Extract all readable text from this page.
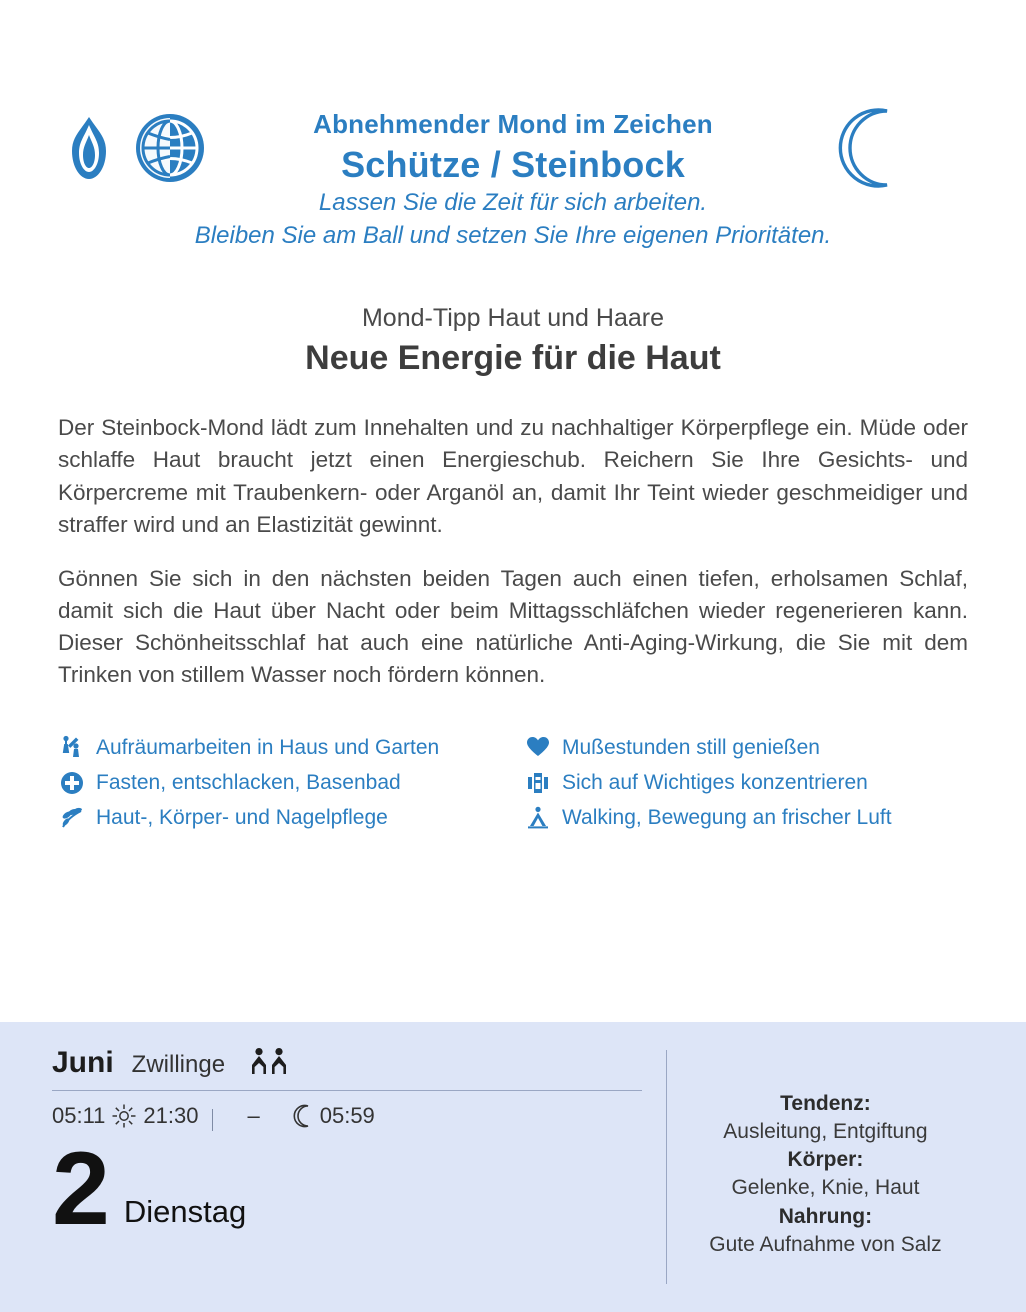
Abnehmender Mond im Zeichen
Schütze / Steinbock
Lassen Sie die Zeit für sich arbeiten.
Bleiben Sie am Ball und setzen Sie Ihre eigenen Prioritäten.
Mond-Tipp Haut und Haare
Neue Energie für die Haut

Der Steinbock-Mond lädt zum Innehalten und zu nachhaltiger Körperpflege ein. Müde oder schlaffe Haut braucht jetzt einen Energieschub. Reichern Sie Ihre Gesichts- und Körpercreme mit Traubenkern- oder Arganöl an, damit Ihr Teint wieder geschmeidiger und straffer wird und an Elastizität gewinnt.

Gönnen Sie sich in den nächsten beiden Tagen auch einen tiefen, erholsamen Schlaf, damit sich die Haut über Nacht oder beim Mittagsschläfchen wieder regenerieren kann. Dieser Schönheitsschlaf hat auch eine natürliche Anti-Aging-Wirkung, die Sie mit dem Trinken von stillem Wasser noch fördern können.

Aufräumarbeiten in Haus und Garten
Fasten, entschlacken, Basenbad
Haut-, Körper- und Nagelpflege
Mußestunden still genießen
Sich auf Wichtiges konzentrieren
Walking, Bewegung an frischer Luft
Juni Zwillinge
05:11 21:30 –	05:59
2 Dienstag
Tendenz:
Ausleitung, Entgiftung
Körper:
Gelenke, Knie, Haut
Nahrung:
Gute Aufnahme von Salz
